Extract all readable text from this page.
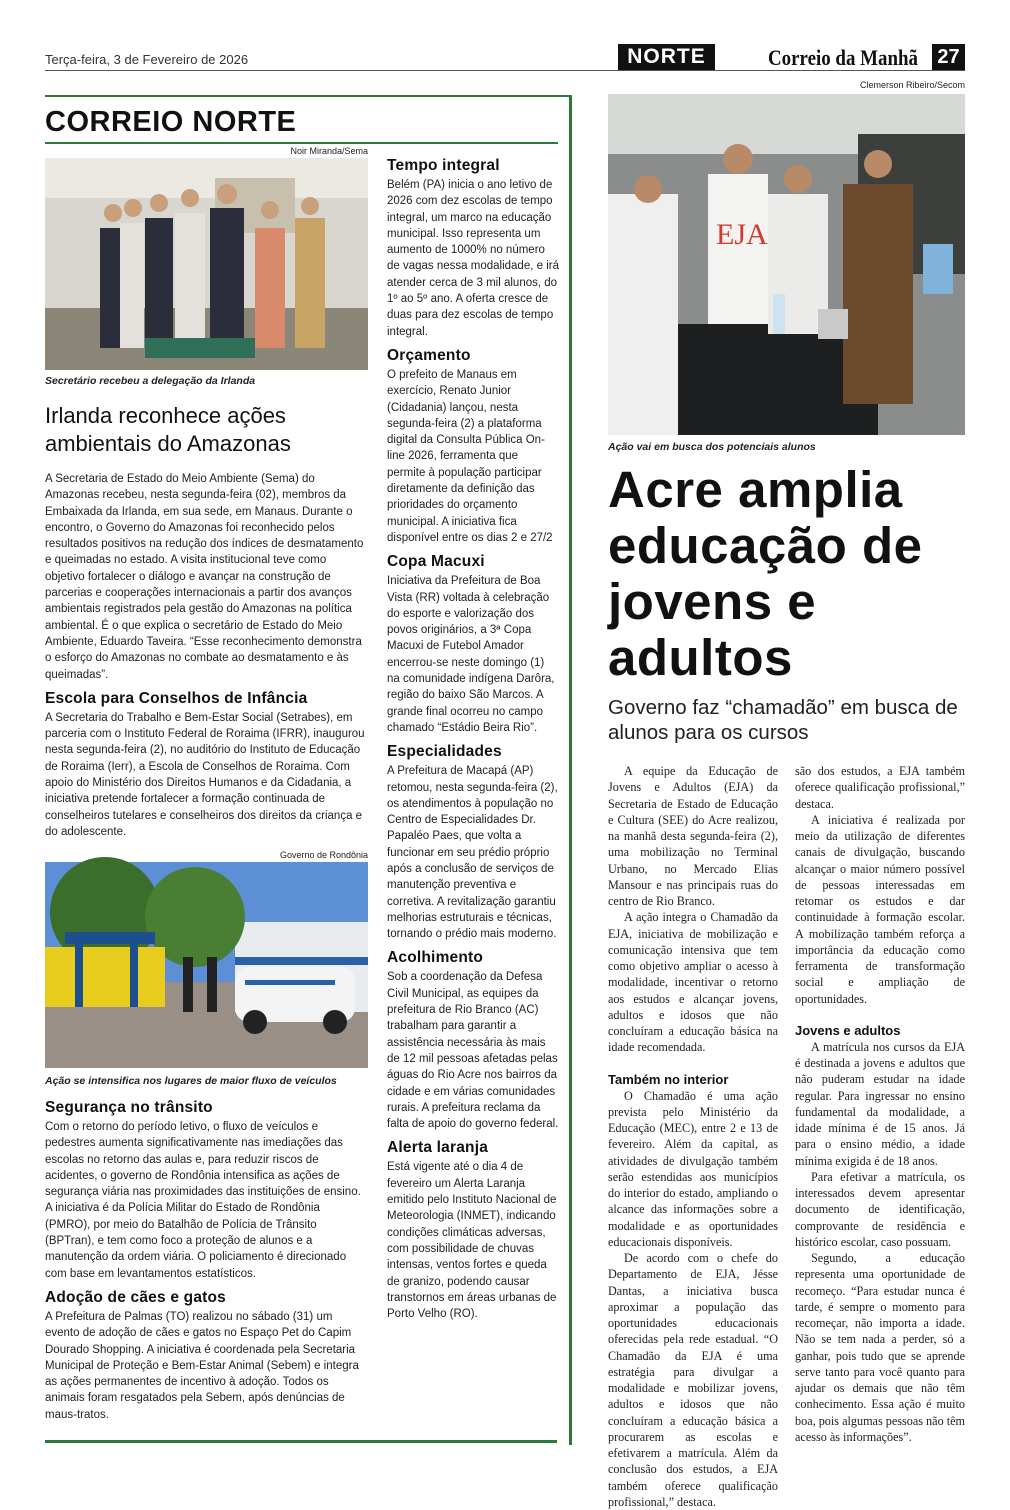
Terça-feira, 3 de Fevereiro de 2026	NORTE	Correio da Manhã 27
CORREIO NORTE
Noir Miranda/Sema
Secretário recebeu a delegação da Irlanda
Irlanda reconhece ações ambientais do Amazonas

A Secretaria de Estado do Meio Ambiente (Sema) do Amazonas recebeu, nesta segunda-feira (02), membros da Embaixada da Irlanda, em sua sede, em Manaus. Durante o encontro, o Governo do Amazonas foi reconhecido pelos resultados positivos na redução dos índices de desmatamento e queimadas no estado. A visita institucional teve como objetivo fortalecer o diálogo e avançar na construção de parcerias e cooperações internacionais a partir dos avanços ambientais registrados pela gestão do Amazonas na política ambiental. É o que explica o secretário de Estado do Meio Ambiente, Eduardo Taveira. “Esse reconhecimento demonstra o esforço do Amazonas no combate ao desmatamento e às queimadas”.

Escola para Conselhos de Infância

A Secretaria do Trabalho e Bem-Estar Social (Setrabes), em parceria com o Instituto Federal de Roraima (IFRR), inaugurou nesta segunda-feira (2), no auditório do Instituto de Educação de Roraima (Ierr), a Escola de Conselhos de Roraima. Com apoio do Ministério dos Direitos Humanos e da Cidadania, a iniciativa pretende fortalecer a formação continuada de conselheiros tutelares e conselheiros dos direitos da criança e do adolescente.

Governo de Rondônia
Ação se intensifica nos lugares de maior fluxo de veículos
Segurança no trânsito

Com o retorno do período letivo, o fluxo de veículos e pedestres aumenta significativamente nas imediações das escolas no retorno das aulas e, para reduzir riscos de acidentes, o governo de Rondônia intensifica as ações de segurança viária nas proximidades das instituições de ensino. A iniciativa é da Polícia Militar do Estado de Rondônia (PMRO), por meio do Batalhão de Polícia de Trânsito (BPTran), e tem como foco a proteção de alunos e a manutenção da ordem viária. O policiamento é direcionado com base em levantamentos estatísticos.

Adoção de cães e gatos

A Prefeitura de Palmas (TO) realizou no sábado (31) um evento de adoção de cães e gatos no Espaço Pet do Capim Dourado Shopping. A iniciativa é coordenada pela Secretaria Municipal de Proteção e Bem-Estar Animal (Sebem) e integra as ações permanentes de incentivo à adoção. Todos os animais foram resgatados pela Sebem, após denúncias de maus-tratos.

Tempo integral

Belém (PA) inicia o ano letivo de 2026 com dez escolas de tempo integral, um marco na educação municipal. Isso representa um aumento de 1000% no número de vagas nessa modalidade, e irá atender cerca de 3 mil alunos, do 1º ao 5º ano. A oferta cresce de duas para dez escolas de tempo integral.

Orçamento

O prefeito de Manaus em exercício, Renato Junior (Cidadania) lançou, nesta segunda-feira (2) a plataforma digital da Consulta Pública On-line 2026, ferramenta que permite à população participar diretamente da definição das prioridades do orçamento municipal. A iniciativa fica disponível entre os dias 2 e 27/2

Copa Macuxi

Iniciativa da Prefeitura de Boa Vista (RR) voltada à celebração do esporte e valorização dos povos originários, a 3ª Copa Macuxi de Futebol Amador encerrou-se neste domingo (1) na comunidade indígena Darôra, região do baixo São Marcos. A grande final ocorreu no campo chamado “Estádio Beira Rio”.

Especialidades

A Prefeitura de Macapá (AP) retomou, nesta segunda-feira (2), os atendimentos à população no Centro de Especialidades Dr. Papaléo Paes, que volta a funcionar em seu prédio próprio após a conclusão de serviços de manutenção preventiva e corretiva. A revitalização garantiu melhorias estruturais e técnicas, tornando o prédio mais moderno.

Acolhimento

Sob a coordenação da Defesa Civil Municipal, as equipes da prefeitura de Rio Branco (AC) trabalham para garantir a assistência necessária às mais de 12 mil pessoas afetadas pelas águas do Rio Acre nos bairros da cidade e em várias comunidades rurais. A prefeitura reclama da falta de apoio do governo federal.

Alerta laranja

Está vigente até o dia 4 de fevereiro um Alerta Laranja emitido pelo Instituto Nacional de Meteorologia (INMET), indicando condições climáticas adversas, com possibilidade de chuvas intensas, ventos fortes e queda de granizo, podendo causar transtornos em áreas urbanas de Porto Velho (RO).

Clemerson Ribeiro/Secom
EJA
Ação vai em busca dos potenciais alunos
Acre amplia educação de jovens e adultos
Governo faz “chamadão” em busca de alunos para os cursos

A equipe da Educação de Jovens e Adultos (EJA) da Secretaria de Estado de Educação e Cultura (SEE) do Acre realizou, na manhã desta segunda-feira (2), uma mobilização no Terminal Urbano, no Mercado Elias Mansour e nas principais ruas do centro de Rio Branco.

A ação integra o Chamadão da EJA, iniciativa de mobilização e comunicação intensiva que tem como objetivo ampliar o acesso à modalidade, incentivar o retorno aos estudos e alcançar jovens, adultos e idosos que não concluíram a educação básica na idade recomendada.

Também no interior

O Chamadão é uma ação prevista pelo Ministério da Educação (MEC), entre 2 e 13 de fevereiro. Além da capital, as atividades de divulgação também serão estendidas aos municípios do interior do estado, ampliando o alcance das informações sobre a modalidade e as oportunidades educacionais disponíveis.

De acordo com o chefe do Departamento de EJA, Jésse Dantas, a iniciativa busca aproximar a população das oportunidades educacionais oferecidas pela rede estadual. “O Chamadão da EJA é uma estratégia para divulgar a modalidade e mobilizar jovens, adultos e idosos que não concluíram a educação básica a procurarem as escolas e efetivarem a matrícula. Além da conclusão dos estudos, a EJA também oferece qualificação profissional,” destaca.

são dos estudos, a EJA também oferece qualificação profissional,” destaca.

A iniciativa é realizada por meio da utilização de diferentes canais de divulgação, buscando alcançar o maior número possível de pessoas interessadas em retomar os estudos e dar continuidade à formação escolar. A mobilização também reforça a importância da educação como ferramenta de transformação social e ampliação de oportunidades.

Jovens e adultos

A matrícula nos cursos da EJA é destinada a jovens e adultos que não puderam estudar na idade regular. Para ingressar no ensino fundamental da modalidade, a idade mínima é de 15 anos. Já para o ensino médio, a idade mínima exigida é de 18 anos.

Para efetivar a matrícula, os interessados devem apresentar documento de identificação, comprovante de residência e histórico escolar, caso possuam.

Segundo, a educação representa uma oportunidade de recomeço. “Para estudar nunca é tarde, é sempre o momento para recomeçar, não importa a idade. Não se tem nada a perder, só a ganhar, pois tudo que se aprende serve tanto para você quanto para ajudar os demais que não têm conhecimento. Essa ação é muito boa, pois algumas pessoas não têm acesso às informações”.
